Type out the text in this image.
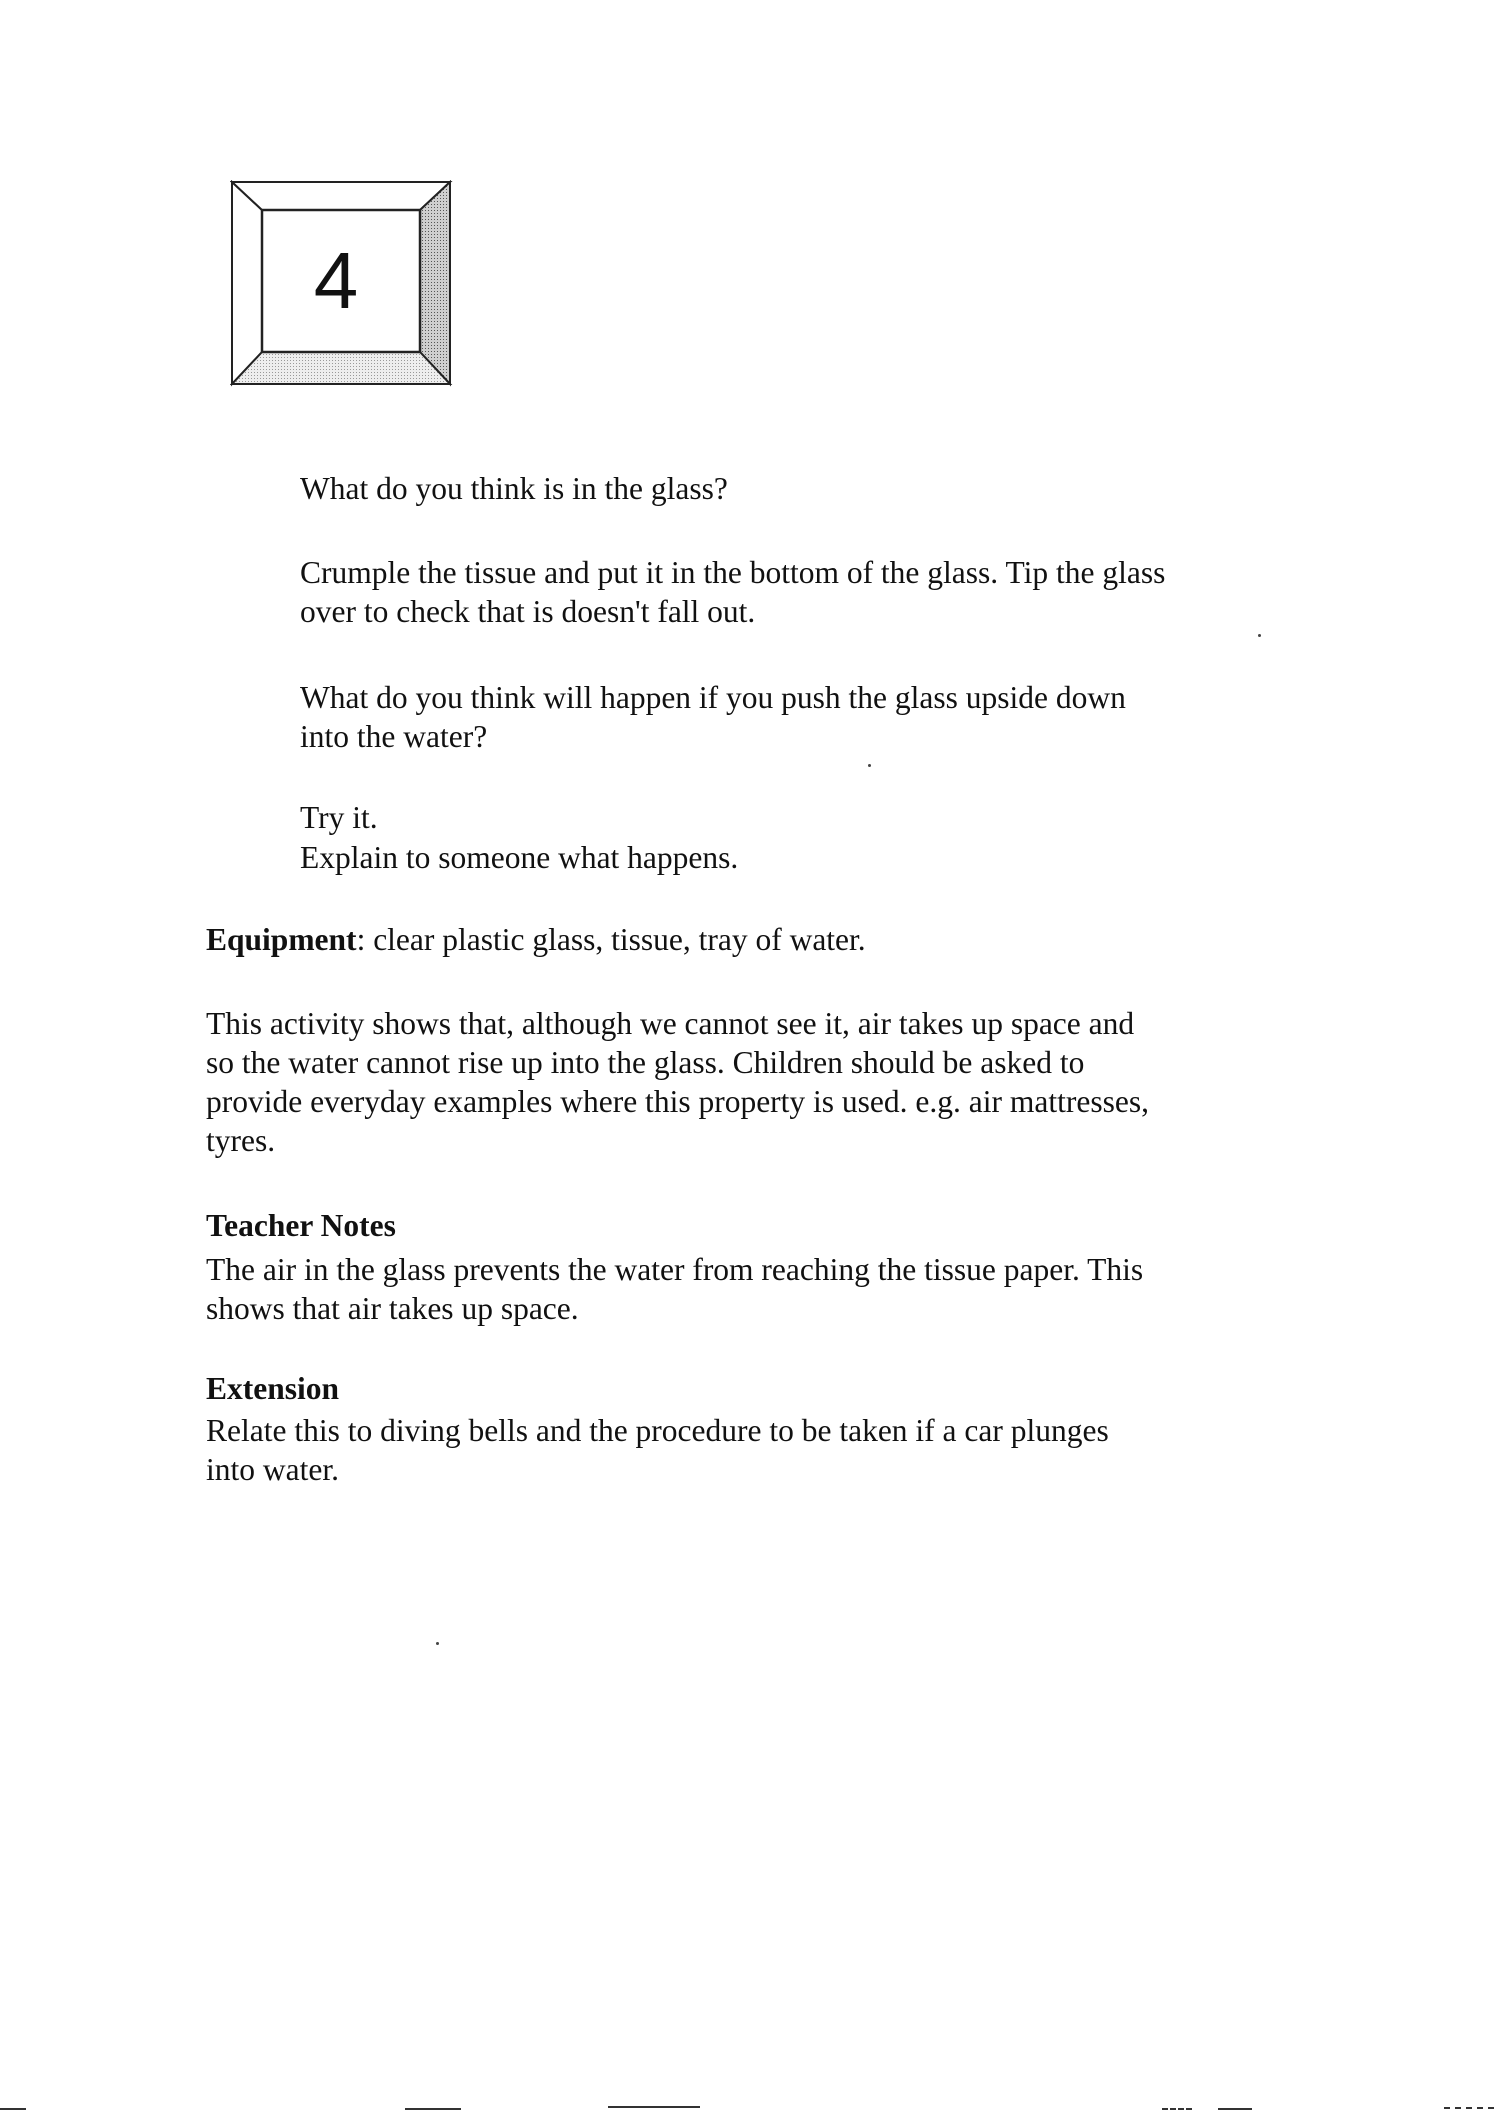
4

What do you think is in the glass?

Crumple the tissue and put it in the bottom of the glass. Tip the glass
over to check that is doesn't fall out.

What do you think will happen if you push the glass upside down
into the water?

Try it.

Explain to someone what happens.

Equipment: clear plastic glass, tissue, tray of water.

This activity shows that, although we cannot see it, air takes up space and
so the water cannot rise up into the glass. Children should be asked to
provide everyday examples where this property is used. e.g. air mattresses,
tyres.

Teacher Notes

The air in the glass prevents the water from reaching the tissue paper. This
shows that air takes up space.

Extension

Relate this to diving bells and the procedure to be taken if a car plunges
into water.
